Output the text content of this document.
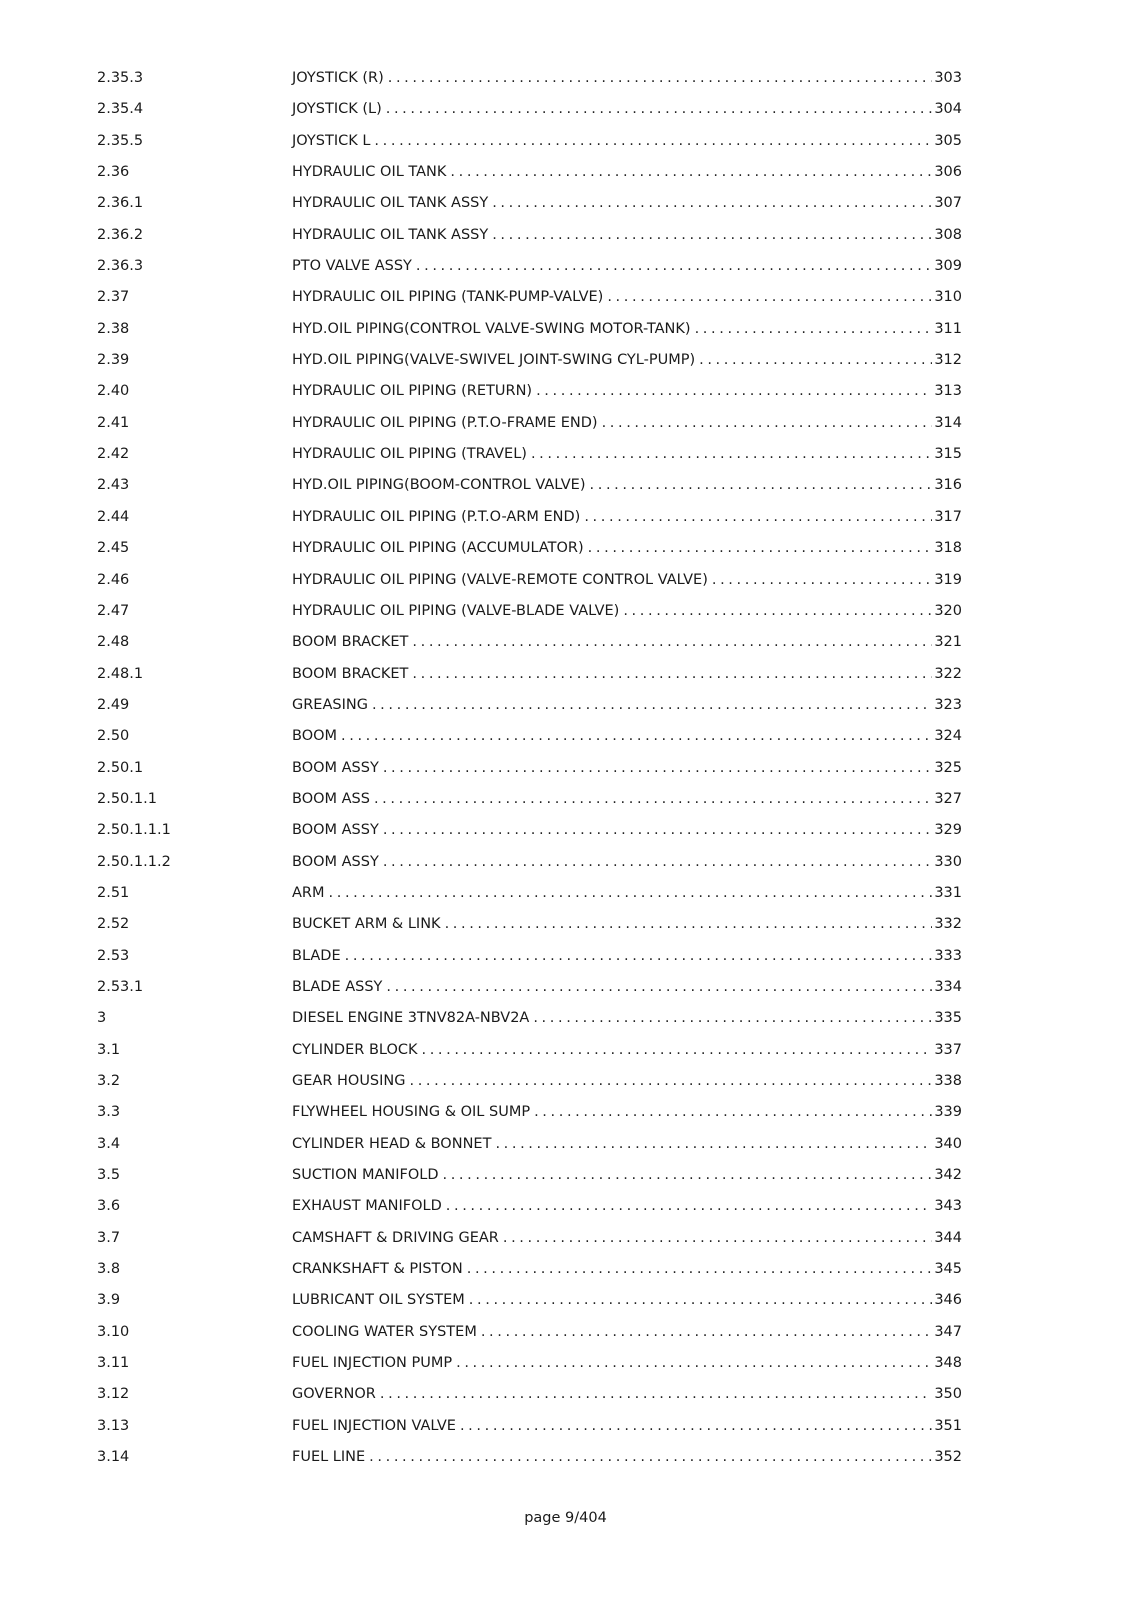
2.35.3	JOYSTICK (R) . . .	303
2.35.4	JOYSTICK (L) . . .	304
2.35.5	JOYSTICK L . . .	305
2.36	HYDRAULIC OIL TANK . . .	306
2.36.1	HYDRAULIC OIL TANK ASSY . . .	307
2.36.2	HYDRAULIC OIL TANK ASSY . . .	308
2.36.3	PTO VALVE ASSY . . .	309
2.37	HYDRAULIC OIL PIPING (TANK-PUMP-VALVE) . . .	310
2.38	HYD.OIL PIPING(CONTROL VALVE-SWING MOTOR-TANK) . . .	311
2.39	HYD.OIL PIPING(VALVE-SWIVEL JOINT-SWING CYL-PUMP) . . .	312
2.40	HYDRAULIC OIL PIPING (RETURN) . . .	313
2.41	HYDRAULIC OIL PIPING (P.T.O-FRAME END) . . .	314
2.42	HYDRAULIC OIL PIPING (TRAVEL) . . .	315
2.43	HYD.OIL PIPING(BOOM-CONTROL VALVE) . . .	316
2.44	HYDRAULIC OIL PIPING (P.T.O-ARM END) . . .	317
2.45	HYDRAULIC OIL PIPING (ACCUMULATOR) . . .	318
2.46	HYDRAULIC OIL PIPING (VALVE-REMOTE CONTROL VALVE) . . .	319
2.47	HYDRAULIC OIL PIPING (VALVE-BLADE VALVE) . . .	320
2.48	BOOM BRACKET . . .	321
2.48.1	BOOM BRACKET . . .	322
2.49	GREASING . . .	323
2.50	BOOM . . .	324
2.50.1	BOOM ASSY . . .	325
2.50.1.1	BOOM ASS . . .	327
2.50.1.1.1	BOOM ASSY . . .	329
2.50.1.1.2	BOOM ASSY . . .	330
2.51	ARM . . .	331
2.52	BUCKET ARM & LINK . . .	332
2.53	BLADE . . .	333
2.53.1	BLADE ASSY . . .	334
3	DIESEL ENGINE 3TNV82A-NBV2A . . .	335
3.1	CYLINDER BLOCK . . .	337
3.2	GEAR HOUSING . . .	338
3.3	FLYWHEEL HOUSING & OIL SUMP . . .	339
3.4	CYLINDER HEAD & BONNET . . .	340
3.5	SUCTION MANIFOLD . . .	342
3.6	EXHAUST MANIFOLD . . .	343
3.7	CAMSHAFT & DRIVING GEAR . . .	344
3.8	CRANKSHAFT & PISTON . . .	345
3.9	LUBRICANT OIL SYSTEM . . .	346
3.10	COOLING WATER SYSTEM . . .	347
3.11	FUEL INJECTION PUMP . . .	348
3.12	GOVERNOR . . .	350
3.13	FUEL INJECTION VALVE . . .	351
3.14	FUEL LINE . . .	352
page 9/404
